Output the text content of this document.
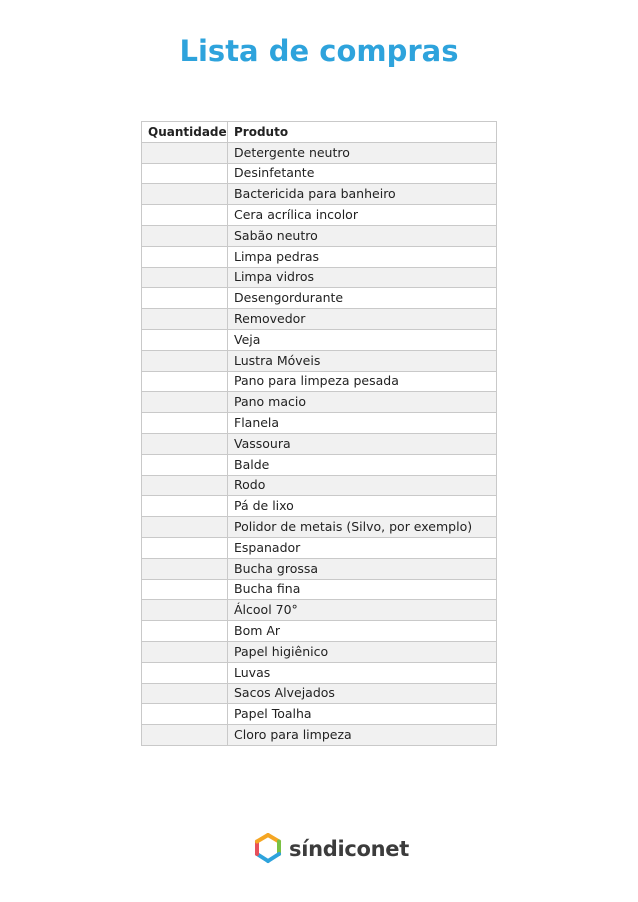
Lista de compras
Quantidade	Produto
	Detergente neutro
	Desinfetante
	Bactericida para banheiro
	Cera acrílica incolor
	Sabão neutro
	Limpa pedras
	Limpa vidros
	Desengordurante
	Removedor
	Veja
	Lustra Móveis
	Pano para limpeza pesada
	Pano macio
	Flanela
	Vassoura
	Balde
	Rodo
	Pá de lixo
	Polidor de metais (Silvo, por exemplo)
	Espanador
	Bucha grossa
	Bucha fina
	Álcool 70°
	Bom Ar
	Papel higiênico
	Luvas
	Sacos Alvejados
	Papel Toalha
	Cloro para limpeza
síndiconet
